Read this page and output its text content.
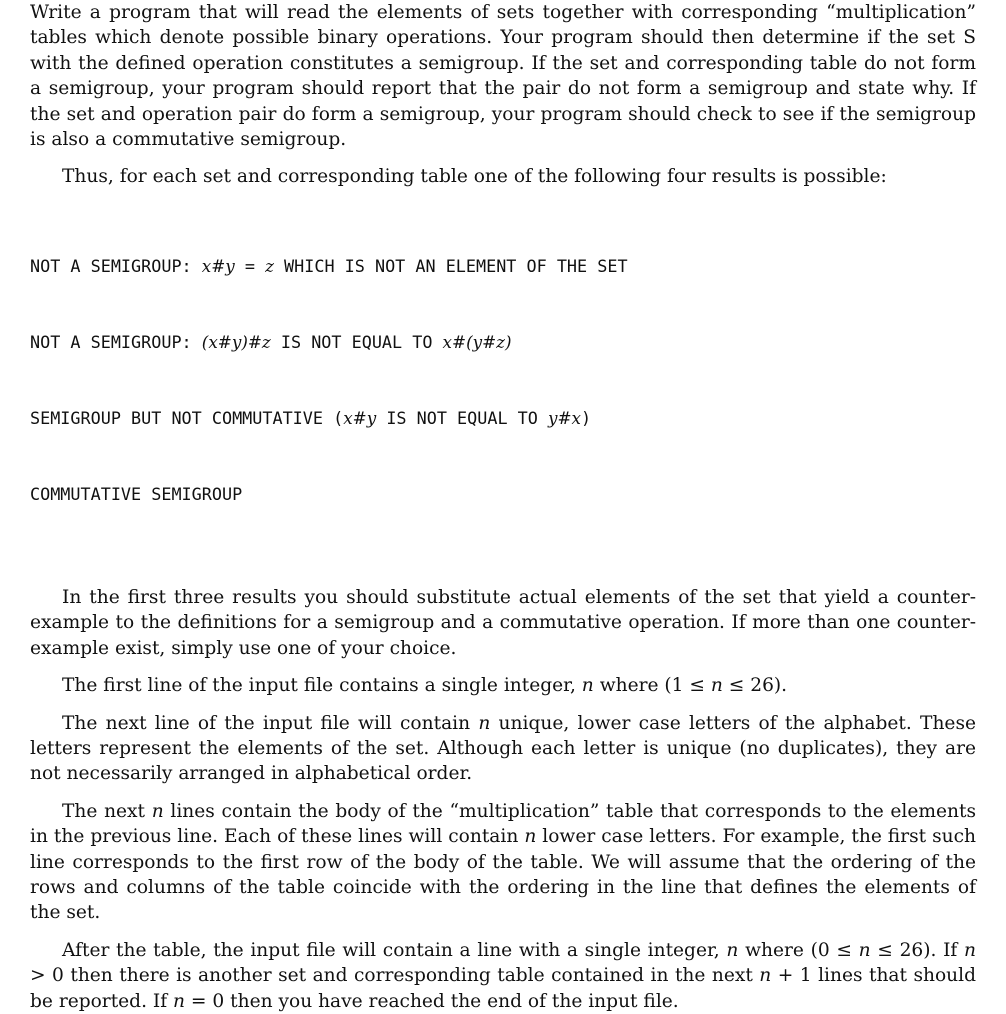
Write a program that will read the elements of sets together with corresponding “multiplication” tables which denote possible binary operations. Your program should then determine if the set S with the defined operation constitutes a semigroup. If the set and corresponding table do not form a semigroup, your program should report that the pair do not form a semigroup and state why. If the set and operation pair do form a semigroup, your program should check to see if the semigroup is also a commutative semigroup.

Thus, for each set and corresponding table one of the following four results is possible:

NOT A SEMIGROUP: x#y = z WHICH IS NOT AN ELEMENT OF THE SET

NOT A SEMIGROUP: (x#y)#z IS NOT EQUAL TO x#(y#z)

SEMIGROUP BUT NOT COMMUTATIVE (x#y IS NOT EQUAL TO y#x)

COMMUTATIVE SEMIGROUP

In the first three results you should substitute actual elements of the set that yield a counter-example to the definitions for a semigroup and a commutative operation. If more than one counter-example exist, simply use one of your choice.

The first line of the input file contains a single integer, n where (1 ≤ n ≤ 26).

The next line of the input file will contain n unique, lower case letters of the alphabet. These letters represent the elements of the set. Although each letter is unique (no duplicates), they are not necessarily arranged in alphabetical order.

The next n lines contain the body of the “multiplication” table that corresponds to the elements in the previous line. Each of these lines will contain n lower case letters. For example, the first such line corresponds to the first row of the body of the table. We will assume that the ordering of the rows and columns of the table coincide with the ordering in the line that defines the elements of the set.

After the table, the input file will contain a line with a single integer, n where (0 ≤ n ≤ 26). If n > 0 then there is another set and corresponding table contained in the next n + 1 lines that should be reported. If n = 0 then you have reached the end of the input file.
